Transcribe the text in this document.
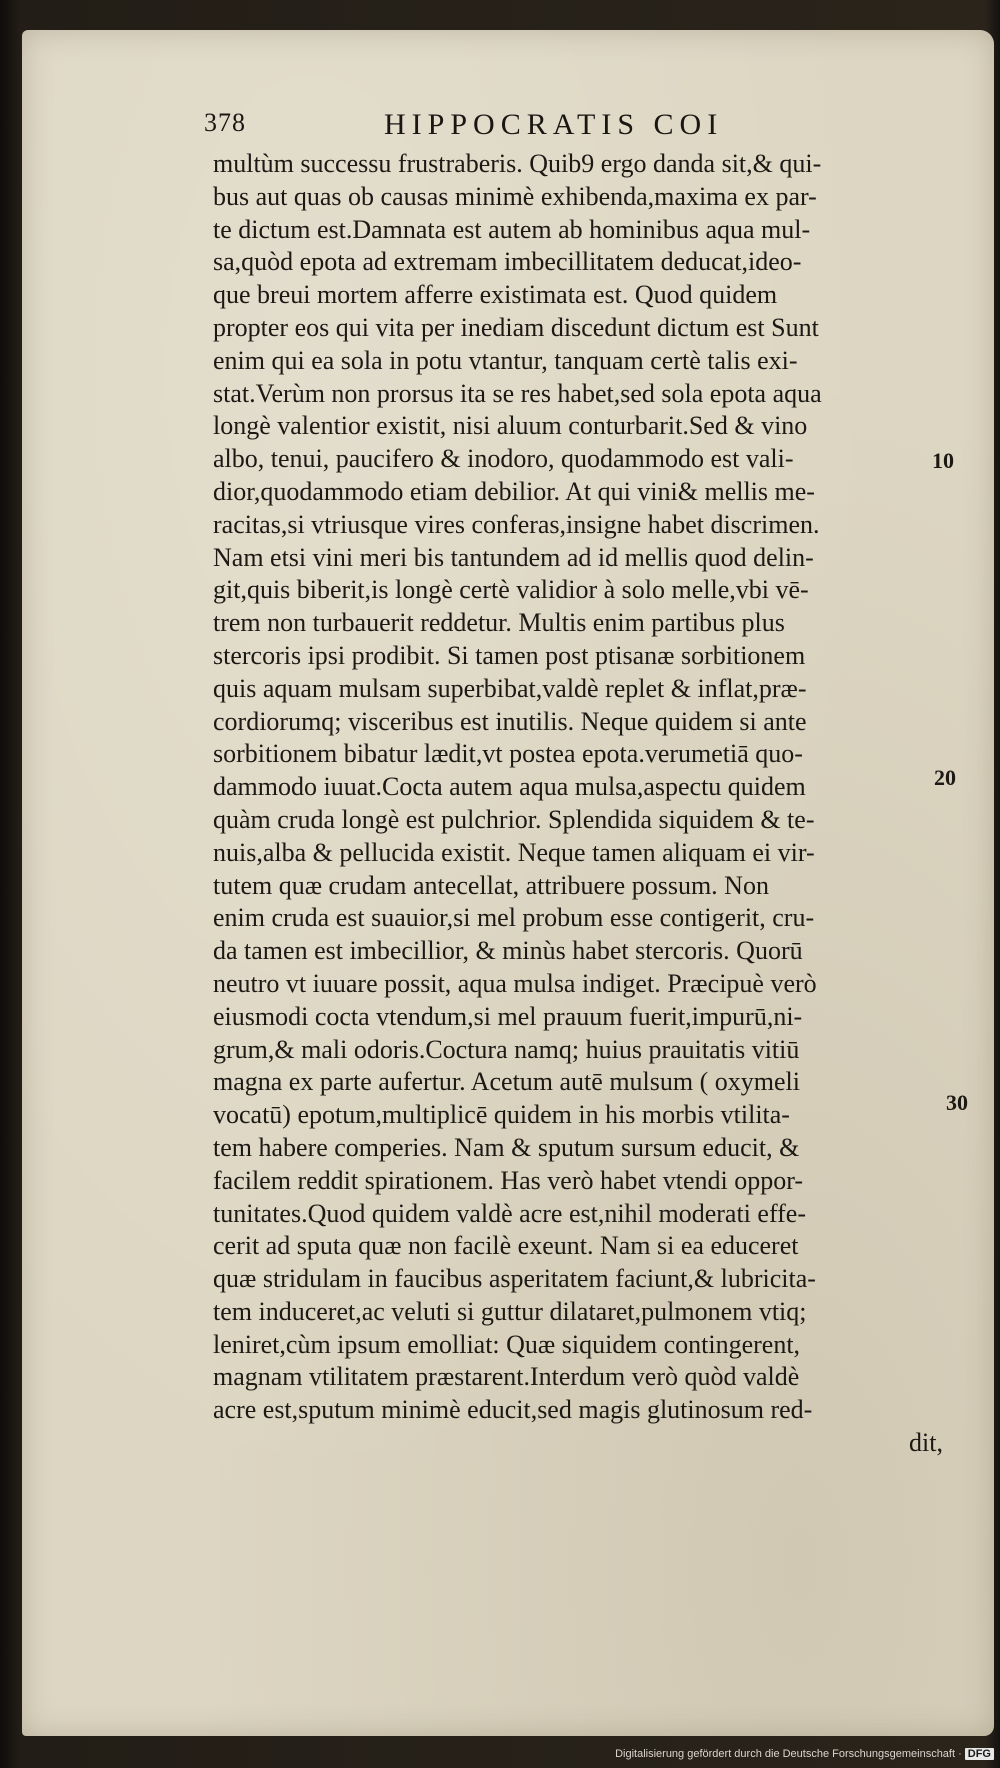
378	HIPPOCRATIS COI
multùm successu frustraberis. Quib9 ergo danda sit,& qui-
bus aut quas ob causas minimè exhibenda,maxima ex par-
te dictum est.Damnata est autem ab hominibus aqua mul-
sa,quòd epota ad extremam imbecillitatem deducat,ideo-
que breui mortem afferre existimata est. Quod quidem
propter eos qui vita per inediam discedunt dictum est Sunt
enim qui ea sola in potu vtantur, tanquam certè talis exi-
stat.Verùm non prorsus ita se res habet,sed sola epota aqua
longè valentior existit, nisi aluum conturbarit.Sed & vino
albo, tenui, paucifero & inodoro, quodammodo est vali-
dior,quodammodo etiam debilior. At qui vini& mellis me-
racitas,si vtriusque vires conferas,insigne habet discrimen.
Nam etsi vini meri bis tantundem ad id mellis quod delin-
git,quis biberit,is longè certè validior à solo melle,vbi vē-
trem non turbauerit reddetur. Multis enim partibus plus
stercoris ipsi prodibit. Si tamen post ptisanæ sorbitionem
quis aquam mulsam superbibat,valdè replet & inflat,præ-
cordiorumq; visceribus est inutilis. Neque quidem si ante
sorbitionem bibatur lædit,vt postea epota.verumetiā quo-
dammodo iuuat.Cocta autem aqua mulsa,aspectu quidem
quàm cruda longè est pulchrior. Splendida siquidem & te-
nuis,alba & pellucida existit. Neque tamen aliquam ei vir-
tutem quæ crudam antecellat, attribuere possum. Non
enim cruda est suauior,si mel probum esse contigerit, cru-
da tamen est imbecillior, & minùs habet stercoris. Quorū
neutro vt iuuare possit, aqua mulsa indiget. Præcipuè verò
eiusmodi cocta vtendum,si mel prauum fuerit,impurū,ni-
grum,& mali odoris.Coctura namq; huius prauitatis vitiū
magna ex parte aufertur. Acetum autē mulsum ( oxymeli
vocatū) epotum,multiplicē quidem in his morbis vtilita-
tem habere comperies. Nam & sputum sursum educit, &
facilem reddit spirationem. Has verò habet vtendi oppor-
tunitates.Quod quidem valdè acre est,nihil moderati effe-
cerit ad sputa quæ non facilè exeunt. Nam si ea educeret
quæ stridulam in faucibus asperitatem faciunt,& lubricita-
tem induceret,ac veluti si guttur dilataret,pulmonem vtiq;
leniret,cùm ipsum emolliat: Quæ siquidem contingerent,
magnam vtilitatem præstarent.Interdum verò quòd valdè
acre est,sputum minimè educit,sed magis glutinosum red-
dit,
10
20
30
Digitalisierung gefördert durch die Deutsche Forschungsgemeinschaft · DFG
